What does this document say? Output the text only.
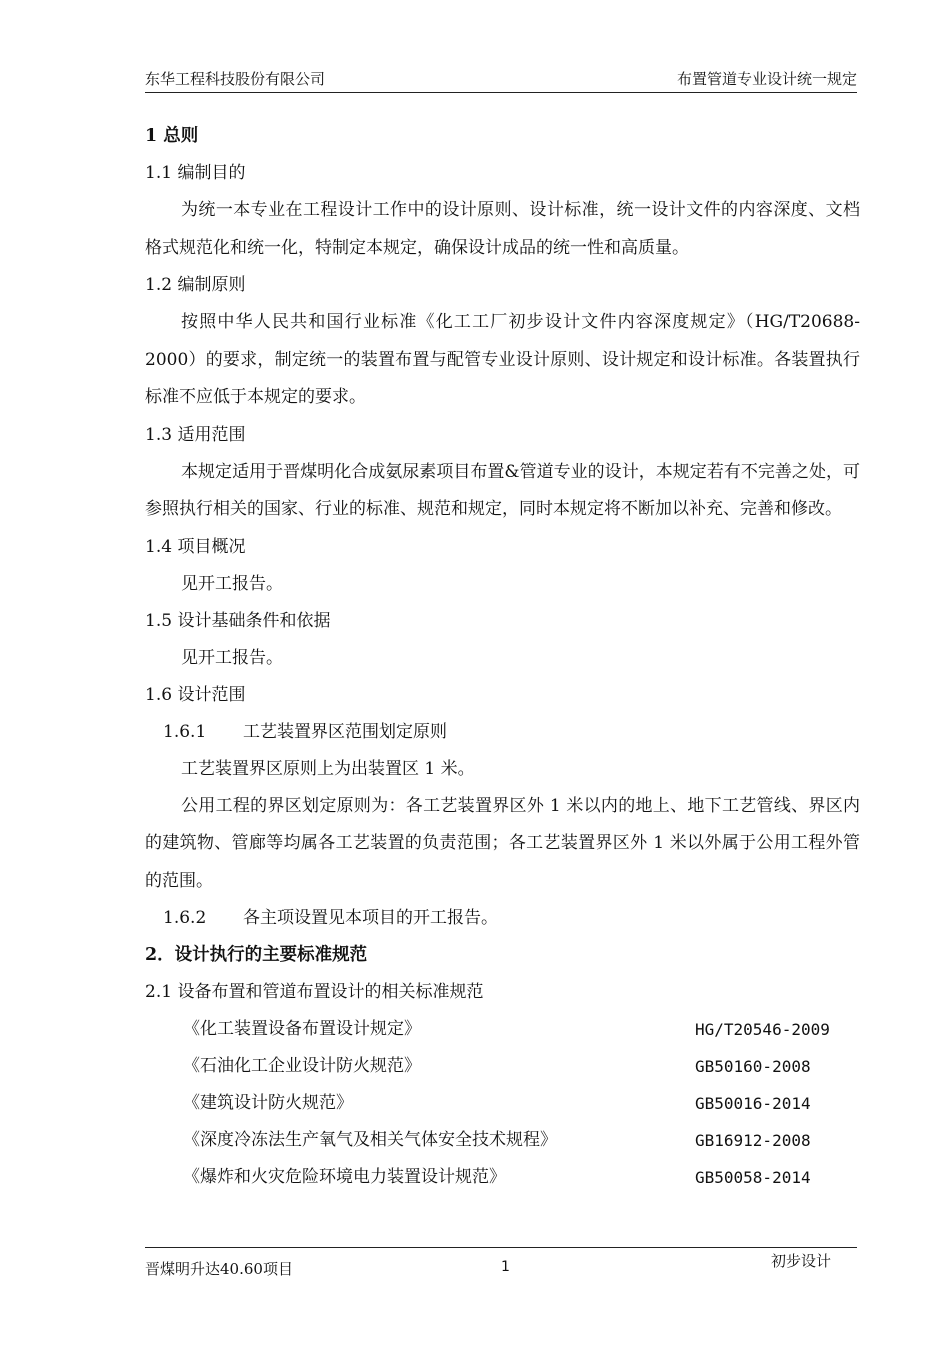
东华工程科技股份有限公司	布置管道专业设计统一规定
1 总则
1.1 编制目的
为统一本专业在工程设计工作中的设计原则、设计标准，统一设计文件的内容深度、文档格式规范化和统一化，特制定本规定，确保设计成品的统一性和高质量。
1.2 编制原则
按照中华人民共和国行业标准《化工工厂初步设计文件内容深度规定》（HG/T20688-2000）的要求，制定统一的装置布置与配管专业设计原则、设计规定和设计标准。各装置执行标准不应低于本规定的要求。
1.3 适用范围
本规定适用于晋煤明化合成氨尿素项目布置&管道专业的设计，本规定若有不完善之处，可参照执行相关的国家、行业的标准、规范和规定，同时本规定将不断加以补充、完善和修改。
1.4 项目概况
见开工报告。
1.5 设计基础条件和依据
见开工报告。
1.6 设计范围
1.6.1 工艺装置界区范围划定原则
工艺装置界区原则上为出装置区 1 米。
公用工程的界区划定原则为：各工艺装置界区外 1 米以内的地上、地下工艺管线、界区内的建筑物、管廊等均属各工艺装置的负责范围；各工艺装置界区外 1 米以外属于公用工程外管的范围。
1.6.2 各主项设置见本项目的开工报告。
2．设计执行的主要标准规范
2.1 设备布置和管道布置设计的相关标准规范
《化工装置设备布置设计规定》	HG/T20546-2009
《石油化工企业设计防火规范》	GB50160-2008
《建筑设计防火规范》	GB50016-2014
《深度冷冻法生产氧气及相关气体安全技术规程》	GB16912-2008
《爆炸和火灾危险环境电力装置设计规范》	GB50058-2014
晋煤明升达40.60项目	1	初步设计
